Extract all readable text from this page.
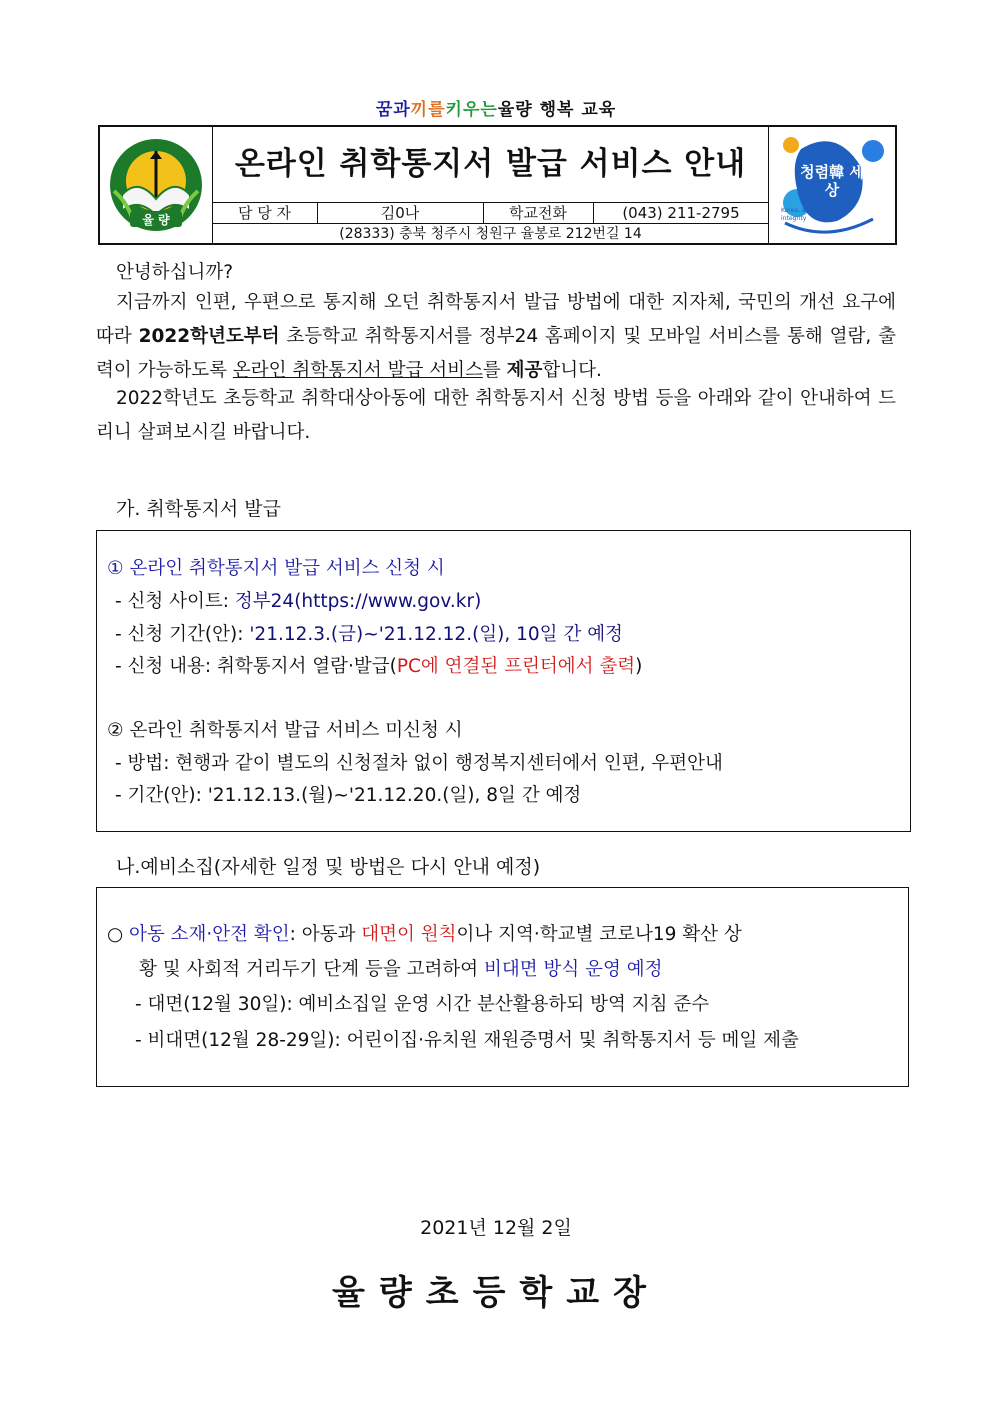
꿈과끼를키우는율량 행복 교육
율 량
온라인 취학통지서 발급 서비스 안내
담 당 자	김0나	학교전화	(043) 211-2795
(28333) 충북 청주시 청원구 율봉로 212번길 14
청렴韓 세상
Korea, a country of integrity
안녕하십니까?
지금까지 인편, 우편으로 통지해 오던 취학통지서 발급 방법에 대한 지자체, 국민의 개선 요구에 따라 2022학년도부터 초등학교 취학통지서를 정부24 홈페이지 및 모바일 서비스를 통해 열람, 출력이 가능하도록 온라인 취학통지서 발급 서비스를 제공합니다.
2022학년도 초등학교 취학대상아동에 대한 취학통지서 신청 방법 등을 아래와 같이 안내하여 드리니 살펴보시길 바랍니다.
가. 취학통지서 발급
① 온라인 취학통지서 발급 서비스 신청 시
- 신청 사이트: 정부24(https://www.gov.kr)
- 신청 기간(안): '21.12.3.(금)~'21.12.12.(일), 10일 간 예정
- 신청 내용: 취학통지서 열람·발급(PC에 연결된 프린터에서 출력)
② 온라인 취학통지서 발급 서비스 미신청 시
- 방법: 현행과 같이 별도의 신청절차 없이 행정복지센터에서 인편, 우편안내
- 기간(안): '21.12.13.(월)~'21.12.20.(일), 8일 간 예정
나.예비소집(자세한 일정 및 방법은 다시 안내 예정)
○ 아동 소재·안전 확인: 아동과 대면이 원칙이나 지역·학교별 코로나19 확산 상
황 및 사회적 거리두기 단계 등을 고려하여 비대면 방식 운영 예정
- 대면(12월 30일): 예비소집일 운영 시간 분산활용하되 방역 지침 준수
- 비대면(12월 28-29일): 어린이집·유치원 재원증명서 및 취학통지서 등 메일 제출
2021년 12월 2일
율량초등학교장
